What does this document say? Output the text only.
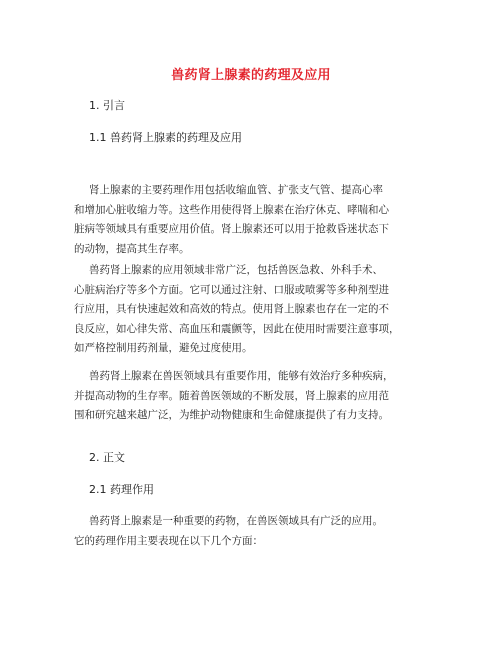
兽药肾上腺素的药理及应用
1. 引言
1.1 兽药肾上腺素的药理及应用
肾上腺素的主要药理作用包括收缩血管、扩张支气管、提高心率
和增加心脏收缩力等。这些作用使得肾上腺素在治疗休克、哮喘和心
脏病等领域具有重要应用价值。肾上腺素还可以用于抢救昏迷状态下
的动物，提高其生存率。
兽药肾上腺素的应用领域非常广泛，包括兽医急救、外科手术、
心脏病治疗等多个方面。它可以通过注射、口服或喷雾等多种剂型进
行应用，具有快速起效和高效的特点。使用肾上腺素也存在一定的不
良反应，如心律失常、高血压和震颤等，因此在使用时需要注意事项，
如严格控制用药剂量，避免过度使用。
兽药肾上腺素在兽医领域具有重要作用，能够有效治疗多种疾病，
并提高动物的生存率。随着兽医领域的不断发展，肾上腺素的应用范
围和研究越来越广泛，为维护动物健康和生命健康提供了有力支持。
2. 正文
2.1 药理作用
兽药肾上腺素是一种重要的药物，在兽医领域具有广泛的应用。
它的药理作用主要表现在以下几个方面：
